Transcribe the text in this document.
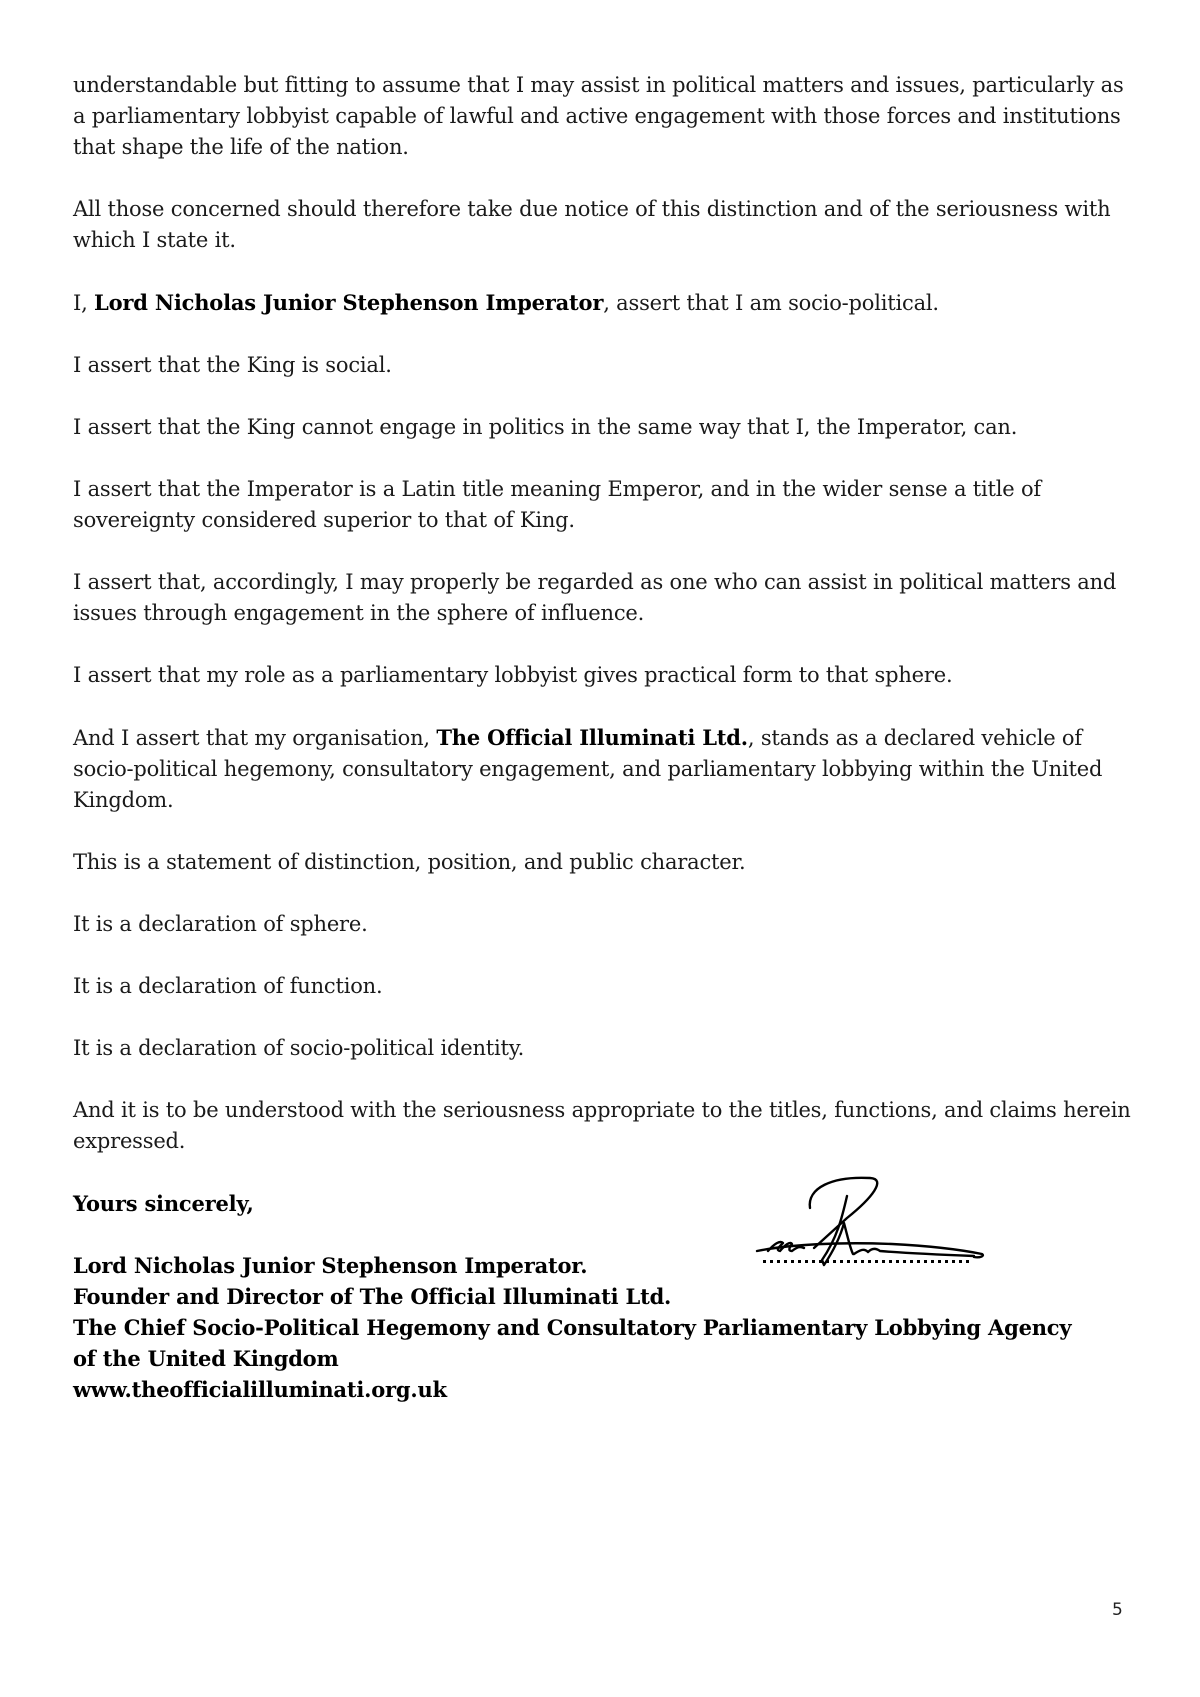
understandable but fitting to assume that I may assist in political matters and issues, particularly as a parliamentary lobbyist capable of lawful and active engagement with those forces and institutions that shape the life of the nation.

All those concerned should therefore take due notice of this distinction and of the seriousness with which I state it.

I, Lord Nicholas Junior Stephenson Imperator, assert that I am socio-political.

I assert that the King is social.

I assert that the King cannot engage in politics in the same way that I, the Imperator, can.

I assert that the Imperator is a Latin title meaning Emperor, and in the wider sense a title of sovereignty considered superior to that of King.

I assert that, accordingly, I may properly be regarded as one who can assist in political matters and issues through engagement in the sphere of influence.

I assert that my role as a parliamentary lobbyist gives practical form to that sphere.

And I assert that my organisation, The Official Illuminati Ltd., stands as a declared vehicle of socio-political hegemony, consultatory engagement, and parliamentary lobbying within the United Kingdom.

This is a statement of distinction, position, and public character.

It is a declaration of sphere.

It is a declaration of function.

It is a declaration of socio-political identity.

And it is to be understood with the seriousness appropriate to the titles, functions, and claims herein expressed.

Yours sincerely,
Lord Nicholas Junior Stephenson Imperator.
Founder and Director of The Official Illuminati Ltd.
The Chief Socio-Political Hegemony and Consultatory Parliamentary Lobbying Agency
of the United Kingdom
www.theofficialilluminati.org.uk
5
